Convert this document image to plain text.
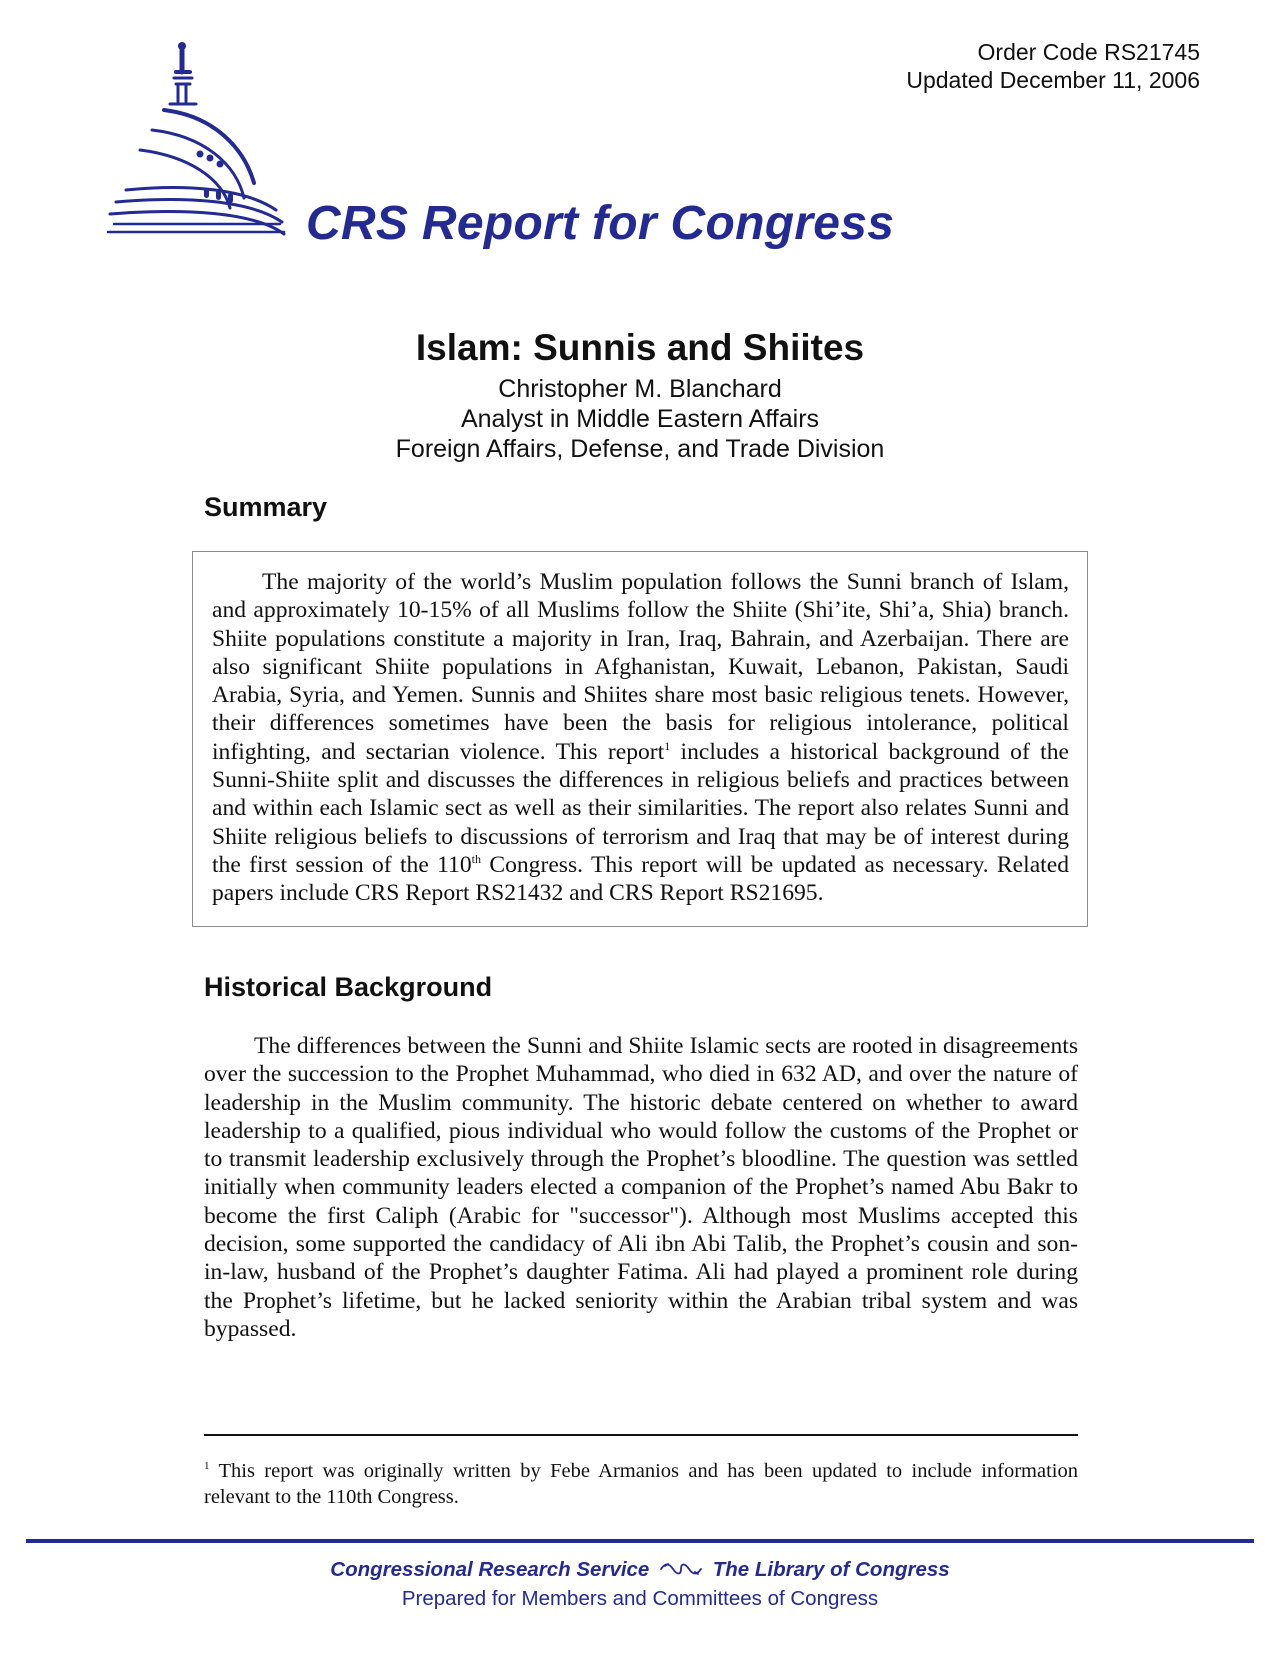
Order Code RS21745
Updated December 11, 2006
CRS Report for Congress
Islam: Sunnis and Shiites
Christopher M. Blanchard
Analyst in Middle Eastern Affairs
Foreign Affairs, Defense, and Trade Division
Summary

The majority of the world’s Muslim population follows the Sunni branch of Islam, and approximately 10-15% of all Muslims follow the Shiite (Shi’ite, Shi’a, Shia) branch. Shiite populations constitute a majority in Iran, Iraq, Bahrain, and Azerbaijan. There are also significant Shiite populations in Afghanistan, Kuwait, Lebanon, Pakistan, Saudi Arabia, Syria, and Yemen. Sunnis and Shiites share most basic religious tenets. However, their differences sometimes have been the basis for religious intolerance, political infighting, and sectarian violence. This report$^1$ includes a historical background of the Sunni-Shiite split and discusses the differences in religious beliefs and practices between and within each Islamic sect as well as their similarities. The report also relates Sunni and Shiite religious beliefs to discussions of terrorism and Iraq that may be of interest during the first session of the 110th Congress. This report will be updated as necessary. Related papers include CRS Report RS21432 and CRS Report RS21695.

Historical Background

The differences between the Sunni and Shiite Islamic sects are rooted in disagreements over the succession to the Prophet Muhammad, who died in 632 AD, and over the nature of leadership in the Muslim community. The historic debate centered on whether to award leadership to a qualified, pious individual who would follow the customs of the Prophet or to transmit leadership exclusively through the Prophet’s bloodline. The question was settled initially when community leaders elected a companion of the Prophet’s named Abu Bakr to become the first Caliph (Arabic for "successor"). Although most Muslims accepted this decision, some supported the candidacy of Ali ibn Abi Talib, the Prophet’s cousin and son-in-law, husband of the Prophet’s daughter Fatima. Ali had played a prominent role during the Prophet’s lifetime, but he lacked seniority within the Arabian tribal system and was bypassed.

$^1$ This report was originally written by Febe Armanios and has been updated to include information relevant to the 110th Congress.

Congressional Research Service	The Library of Congress
Prepared for Members and Committees of Congress
